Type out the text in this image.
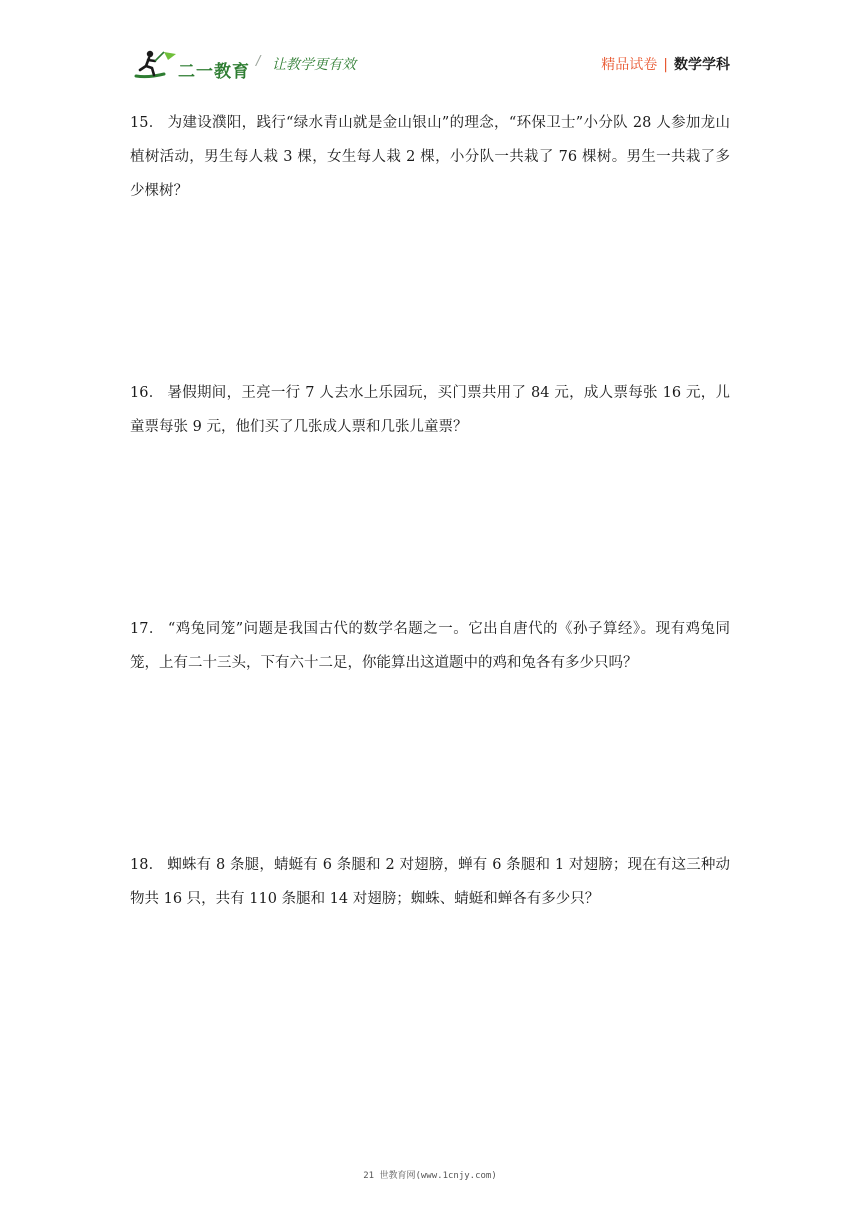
二一教育
/ 让教学更有效	精品试卷 | 数学学科
15． 为建设濮阳，践行“绿水青山就是金山银山”的理念，“环保卫士”小分队 28 人参加龙山植树活动，男生每人栽 3 棵，女生每人栽 2 棵，小分队一共栽了 76 棵树。男生一共栽了多少棵树？
16． 暑假期间，王亮一行 7 人去水上乐园玩，买门票共用了 84 元，成人票每张 16 元，儿童票每张 9 元，他们买了几张成人票和几张儿童票？
17． “鸡兔同笼”问题是我国古代的数学名题之一。它出自唐代的《孙子算经》。现有鸡兔同笼，上有二十三头，下有六十二足，你能算出这道题中的鸡和兔各有多少只吗？
18． 蜘蛛有 8 条腿，蜻蜓有 6 条腿和 2 对翅膀，蝉有 6 条腿和 1 对翅膀；现在有这三种动物共 16 只，共有 110 条腿和 14 对翅膀；蜘蛛、蜻蜓和蝉各有多少只？
21 世教育网(www.1cnjy.com)
